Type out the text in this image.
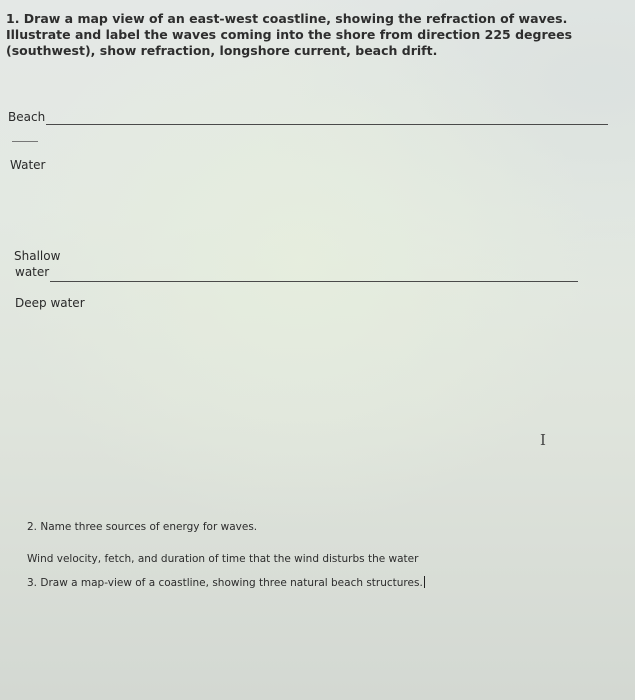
1. Draw a map view of an east-west coastline, showing the refraction of waves. Illustrate and label the waves coming into the shore from direction 225 degrees (southwest), show refraction, longshore current, beach drift.

Beach
Water
Shallow
water
Deep water
I
2. Name three sources of energy for waves.
Wind velocity, fetch, and duration of time that the wind disturbs the water
3. Draw a map-view of a coastline, showing three natural beach structures.
